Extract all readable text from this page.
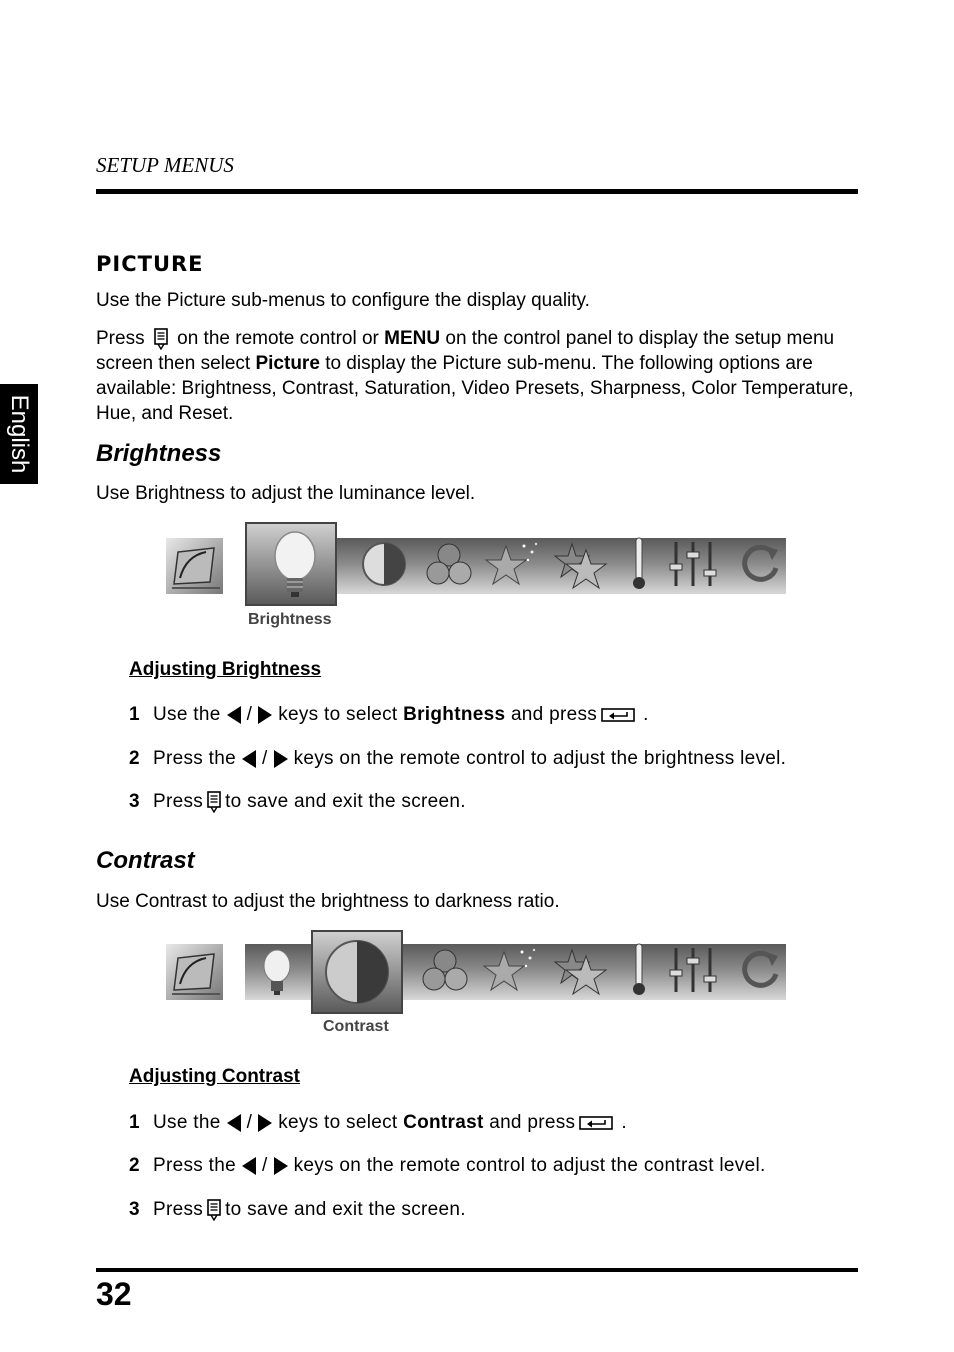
SETUP MENUS
English
PICTURE
Use the Picture sub-menus to configure the display quality.
Press on the remote control or MENU on the control panel to display the setup menu screen then select Picture to display the Picture sub-menu. The following options are available: Brightness, Contrast, Saturation, Video Presets, Sharpness, Color Temperature, Hue, and Reset.
Brightness
Use Brightness to adjust the luminance level.
Brightness
Adjusting Brightness
1 Use the / keys to select
Brightness
and press .
2 Press the / keys on the remote control to adjust the brightness level.
3 Press to save and exit the screen.
Contrast
Use Contrast to adjust the brightness to darkness ratio.
Contrast
Adjusting Contrast
1 Use the / keys to select
Contrast
and press .
2 Press the / keys on the remote control to adjust the contrast level.
3 Press to save and exit the screen.
32
